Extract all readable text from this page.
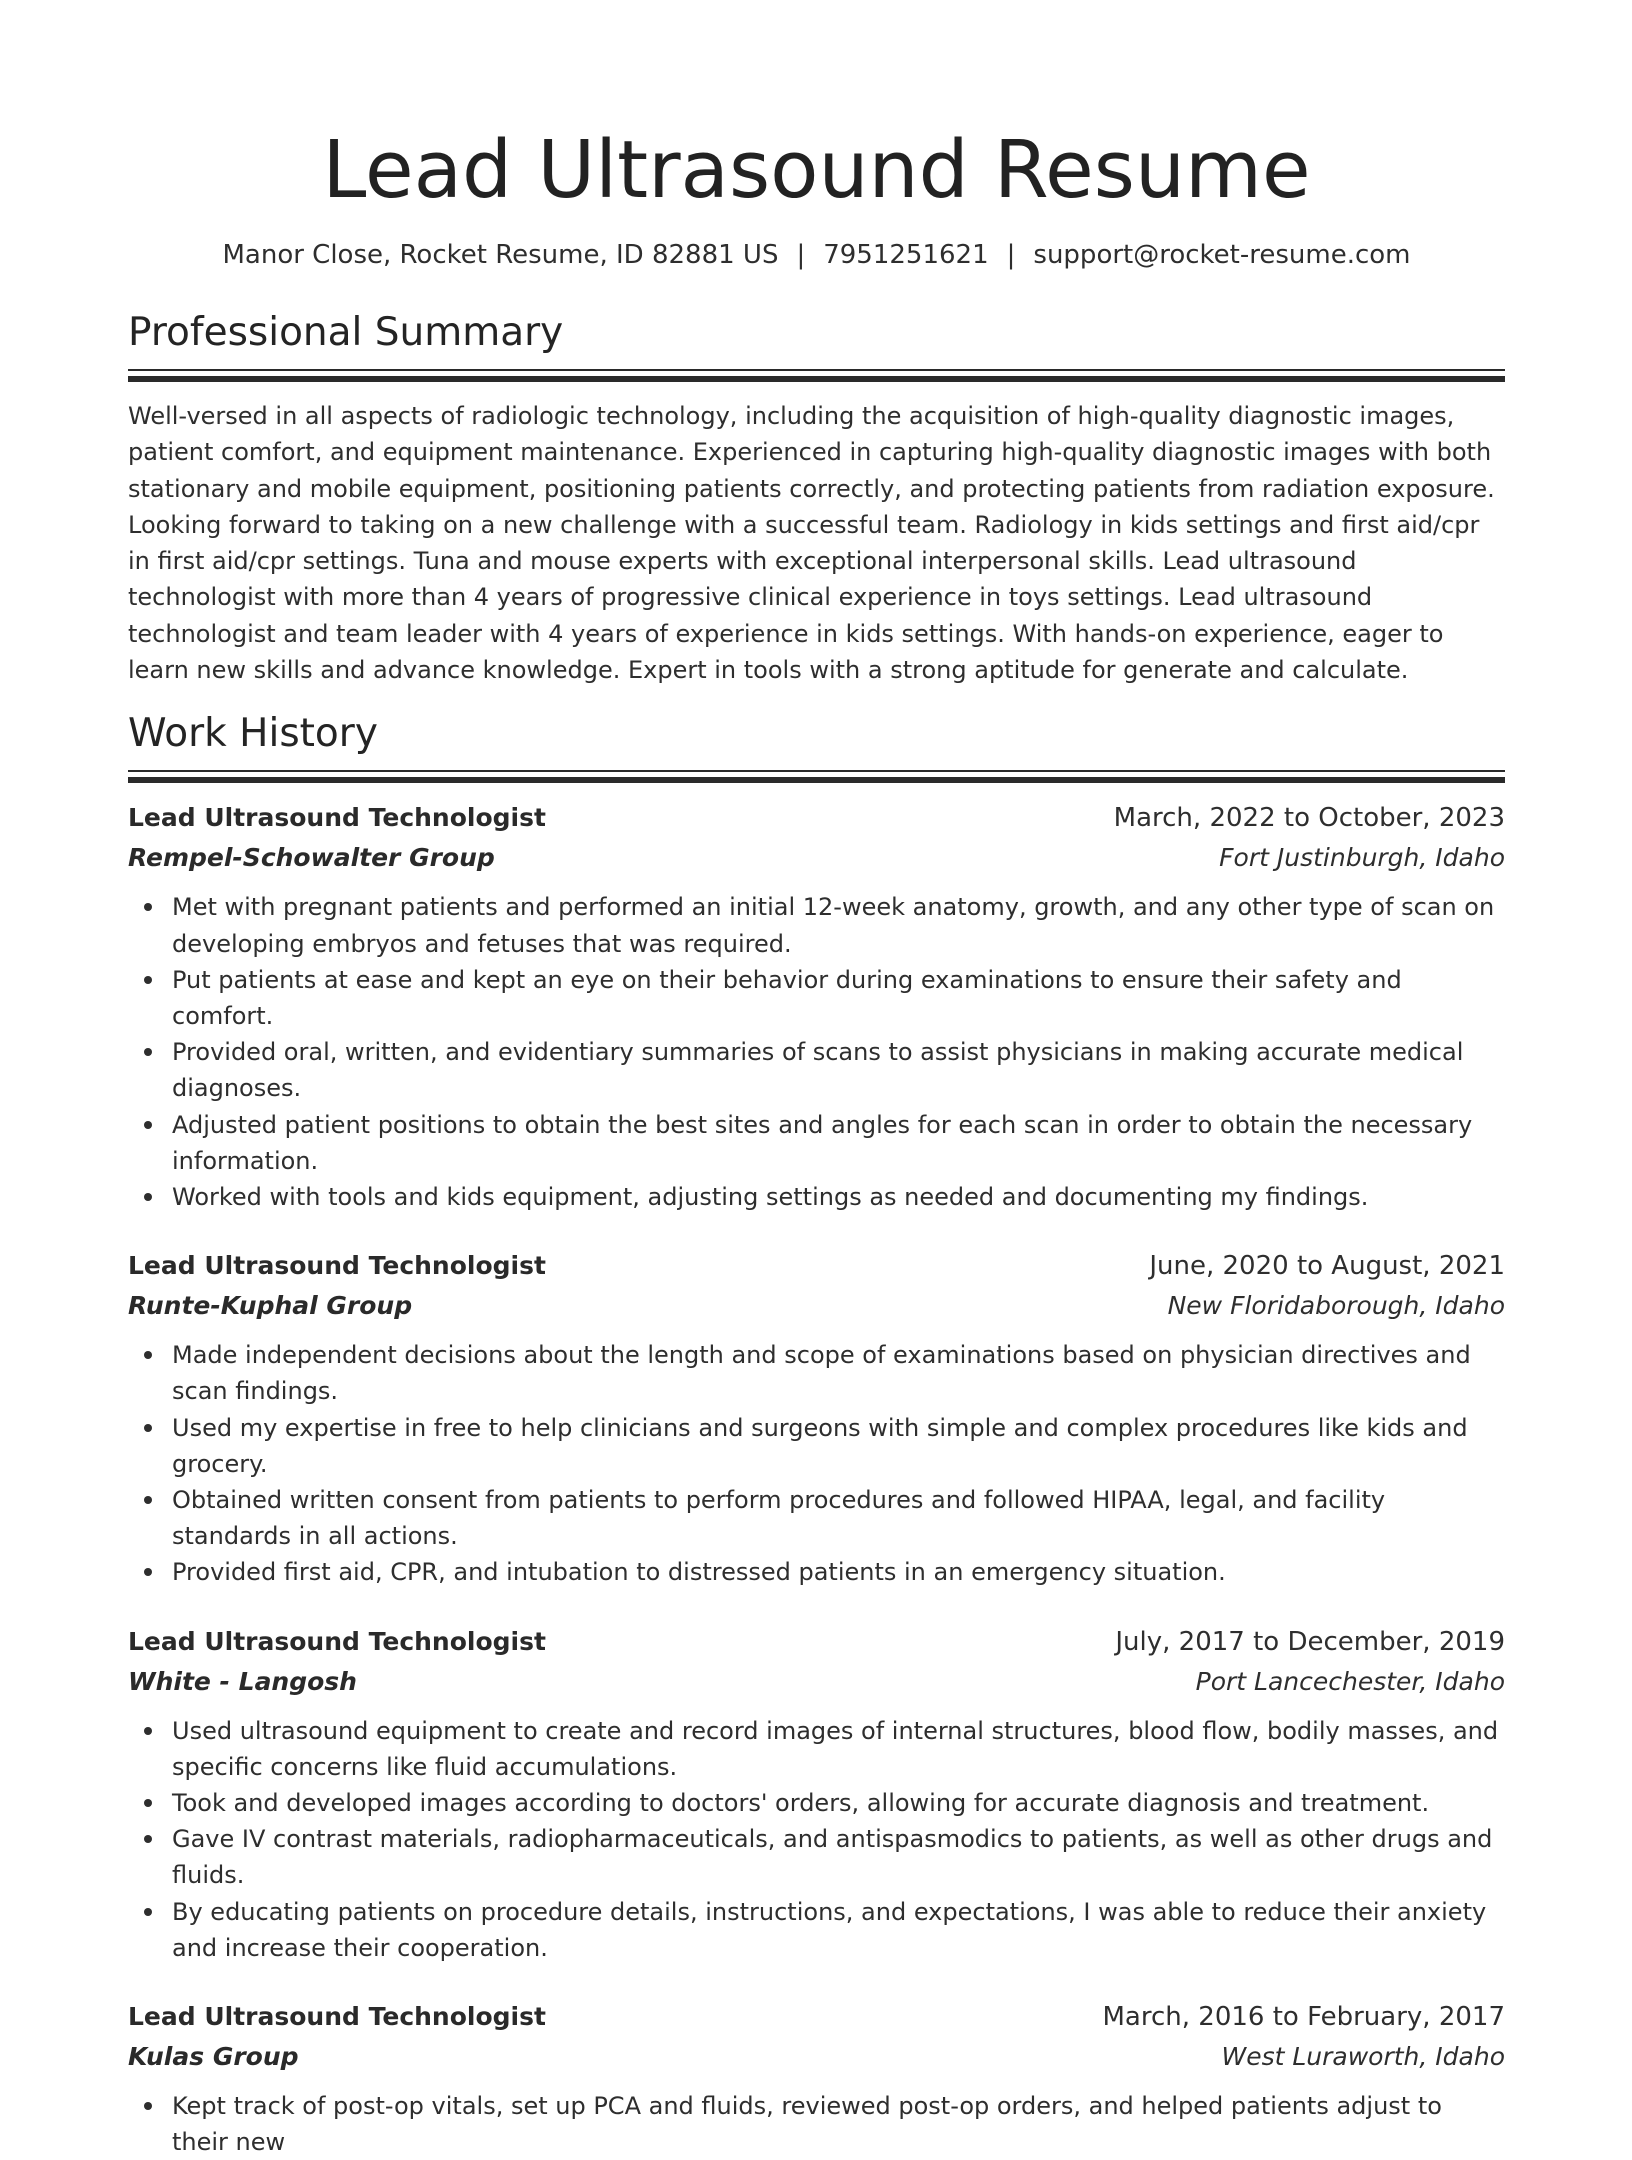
Lead Ultrasound Resume
Manor Close, Rocket Resume, ID 82881 US | 7951251621 | support@rocket-resume.com
Professional Summary

Well-versed in all aspects of radiologic technology, including the acquisition of high-quality diagnostic images, patient comfort, and equipment maintenance. Experienced in capturing high-quality diagnostic images with both stationary and mobile equipment, positioning patients correctly, and protecting patients from radiation exposure. Looking forward to taking on a new challenge with a successful team. Radiology in kids settings and first aid/cpr in first aid/cpr settings. Tuna and mouse experts with exceptional interpersonal skills. Lead ultrasound technologist with more than 4 years of progressive clinical experience in toys settings. Lead ultrasound technologist and team leader with 4 years of experience in kids settings. With hands-on experience, eager to learn new skills and advance knowledge. Expert in tools with a strong aptitude for generate and calculate.

Work History
Lead Ultrasound Technologist	March, 2022 to October, 2023
Rempel-Schowalter Group	Fort Justinburgh, Idaho
Met with pregnant patients and performed an initial 12-week anatomy, growth, and any other type of scan on developing embryos and fetuses that was required.
Put patients at ease and kept an eye on their behavior during examinations to ensure their safety and comfort.
Provided oral, written, and evidentiary summaries of scans to assist physicians in making accurate medical diagnoses.
Adjusted patient positions to obtain the best sites and angles for each scan in order to obtain the necessary information.
Worked with tools and kids equipment, adjusting settings as needed and documenting my findings.
Lead Ultrasound Technologist	June, 2020 to August, 2021
Runte-Kuphal Group	New Floridaborough, Idaho
Made independent decisions about the length and scope of examinations based on physician directives and scan findings.
Used my expertise in free to help clinicians and surgeons with simple and complex procedures like kids and grocery.
Obtained written consent from patients to perform procedures and followed HIPAA, legal, and facility standards in all actions.
Provided first aid, CPR, and intubation to distressed patients in an emergency situation.
Lead Ultrasound Technologist	July, 2017 to December, 2019
White - Langosh	Port Lancechester, Idaho
Used ultrasound equipment to create and record images of internal structures, blood flow, bodily masses, and specific concerns like fluid accumulations.
Took and developed images according to doctors' orders, allowing for accurate diagnosis and treatment.
Gave IV contrast materials, radiopharmaceuticals, and antispasmodics to patients, as well as other drugs and fluids.
By educating patients on procedure details, instructions, and expectations, I was able to reduce their anxiety and increase their cooperation.
Lead Ultrasound Technologist	March, 2016 to February, 2017
Kulas Group	West Luraworth, Idaho
Kept track of post-op vitals, set up PCA and fluids, reviewed post-op orders, and helped patients adjust to their new
